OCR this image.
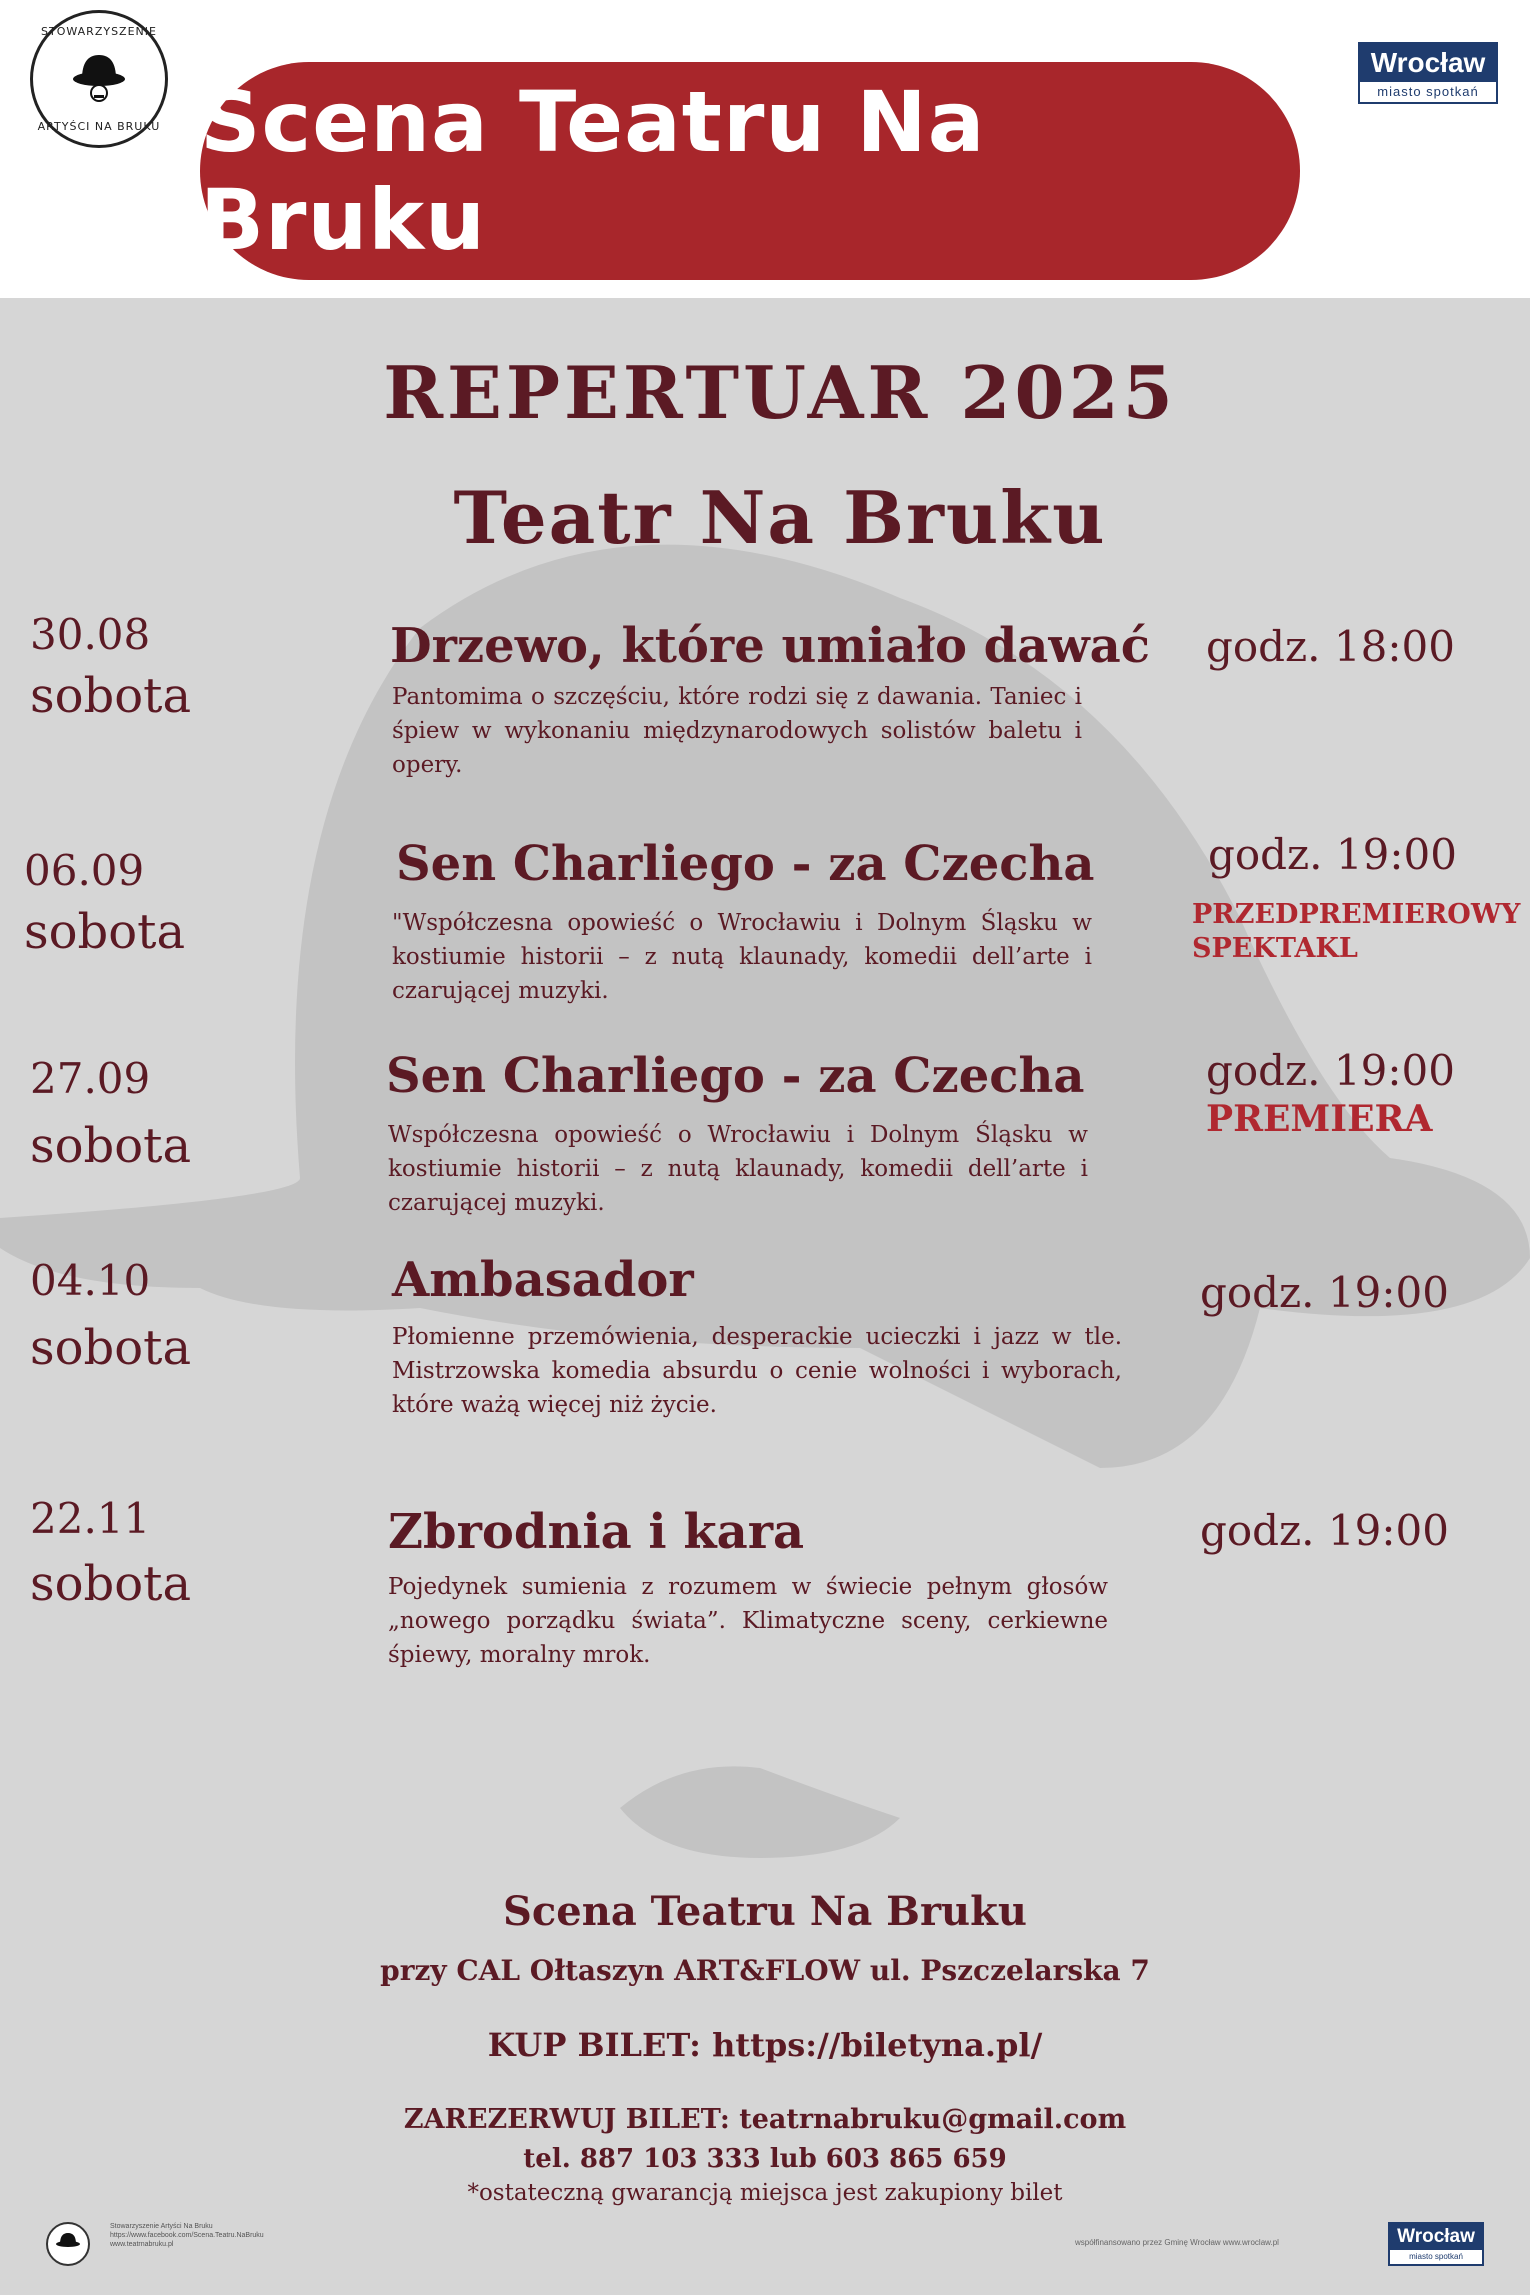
STOWARZYSZENIE
ARTYŚCI NA BRUKU Scena Teatru Na Bruku
Wrocław
miasto spotkań
REPERTUAR 2025
Teatr Na Bruku
30.08
sobota
Drzewo, które umiało dawać
Pantomima o szczęściu, które rodzi się z dawania. Taniec i śpiew w wykonaniu międzynarodowych solistów baletu i opery.
godz. 18:00
06.09
sobota
Sen Charliego - za Czecha
"Współczesna opowieść o Wrocławiu i Dolnym Śląsku w kostiumie historii – z nutą klaunady, komedii dell’arte i czarującej muzyki.
godz. 19:00
PRZEDPREMIEROWY SPEKTAKL
27.09
sobota
Sen Charliego - za Czecha
Współczesna opowieść o Wrocławiu i Dolnym Śląsku w kostiumie historii – z nutą klaunady, komedii dell’arte i czarującej muzyki.
godz. 19:00
PREMIERA
04.10
sobota
Ambasador
Płomienne przemówienia, desperackie ucieczki i jazz w tle. Mistrzowska komedia absurdu o cenie wolności i wyborach, które ważą więcej niż życie.
godz. 19:00
22.11
sobota
Zbrodnia i kara
Pojedynek sumienia z rozumem w świecie pełnym głosów „nowego porządku świata”. Klimatyczne sceny, cerkiewne śpiewy, moralny mrok.
godz. 19:00
Scena Teatru Na Bruku
przy CAL Ołtaszyn ART&FLOW ul. Pszczelarska 7
KUP BILET: https://biletyna.pl/
ZAREZERWUJ BILET: teatrnabruku@gmail.com
tel. 887 103 333 lub 603 865 659
*ostateczną gwarancją miejsca jest zakupiony bilet
Stowarzyszenie Artyści Na Bruku
https://www.facebook.com/Scena.Teatru.NaBruku
www.teatrnabruku.pl	współfinansowano przez Gminę Wrocław www.wroclaw.pl	Wrocław
miasto spotkań
